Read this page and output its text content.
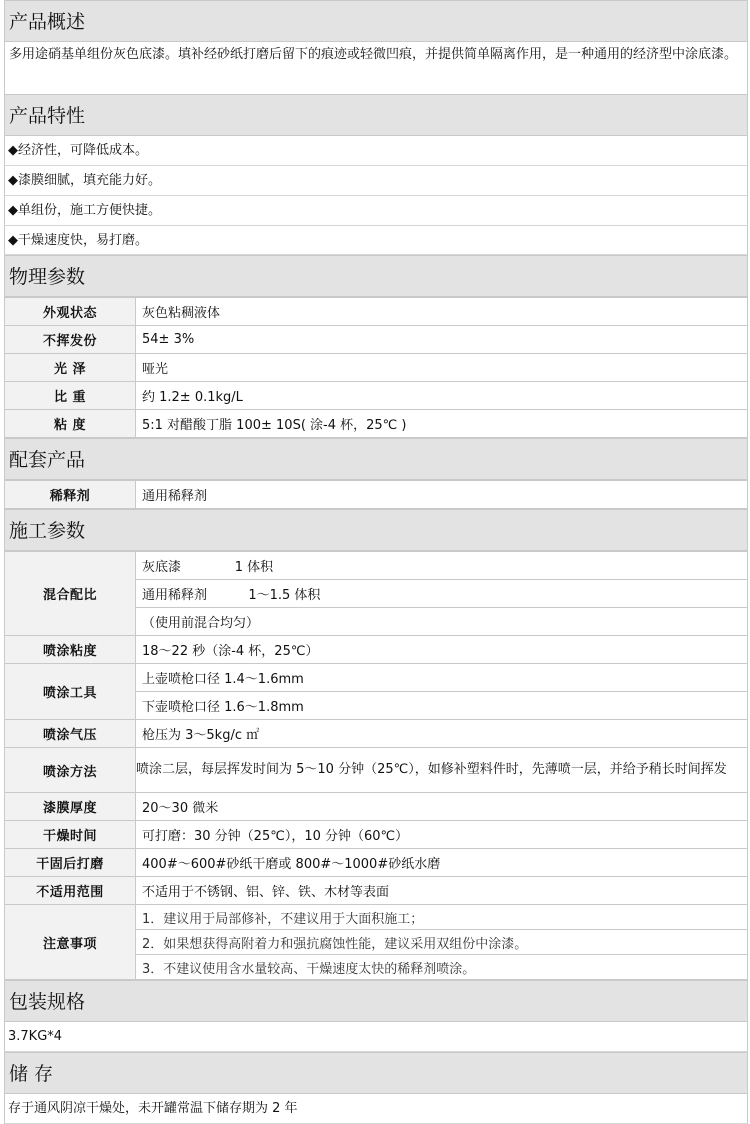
产品概述
多用途硝基单组份灰色底漆。填补经砂纸打磨后留下的痕迹或轻微凹痕，并提供简单隔离作用，是一种通用的经济型中涂底漆。
产品特性
◆经济性，可降低成本。
◆漆膜细腻，填充能力好。
◆单组份，施工方便快捷。
◆干燥速度快，易打磨。
物理参数
外观状态	灰色粘稠液体
不挥发份	54± 3%
光 泽	哑光
比 重	约 1.2± 0.1kg/L
粘 度	5:1 对醋酸丁脂 100± 10S( 涂-4 杯，25℃ )
配套产品
稀释剂	通用稀释剂
施工参数
混合配比	灰底漆             1 体积
	通用稀释剂          1～1.5 体积
	（使用前混合均匀）
喷涂粘度	18～22 秒（涂-4 杯，25℃）
喷涂工具	上壶喷枪口径 1.4～1.6mm
	下壶喷枪口径 1.6～1.8mm
喷涂气压	枪压为 3～5kg/c ㎡
喷涂方法	喷涂二层，每层挥发时间为 5～10 分钟（25℃），如修补塑料件时，先薄喷一层，并给予稍长时间挥发
漆膜厚度	20～30 微米
干燥时间	可打磨：30 分钟（25℃），10 分钟（60℃）
干固后打磨	400#～600#砂纸干磨或 800#～1000#砂纸水磨
不适用范围	不适用于不锈钢、铝、锌、铁、木材等表面
注意事项	1．建议用于局部修补，不建议用于大面积施工；
	2．如果想获得高附着力和强抗腐蚀性能，建议采用双组份中涂漆。
	3．不建议使用含水量较高、干燥速度太快的稀释剂喷涂。
包装规格
3.7KG*4
储 存
存于通风阴凉干燥处，未开罐常温下储存期为 2 年
